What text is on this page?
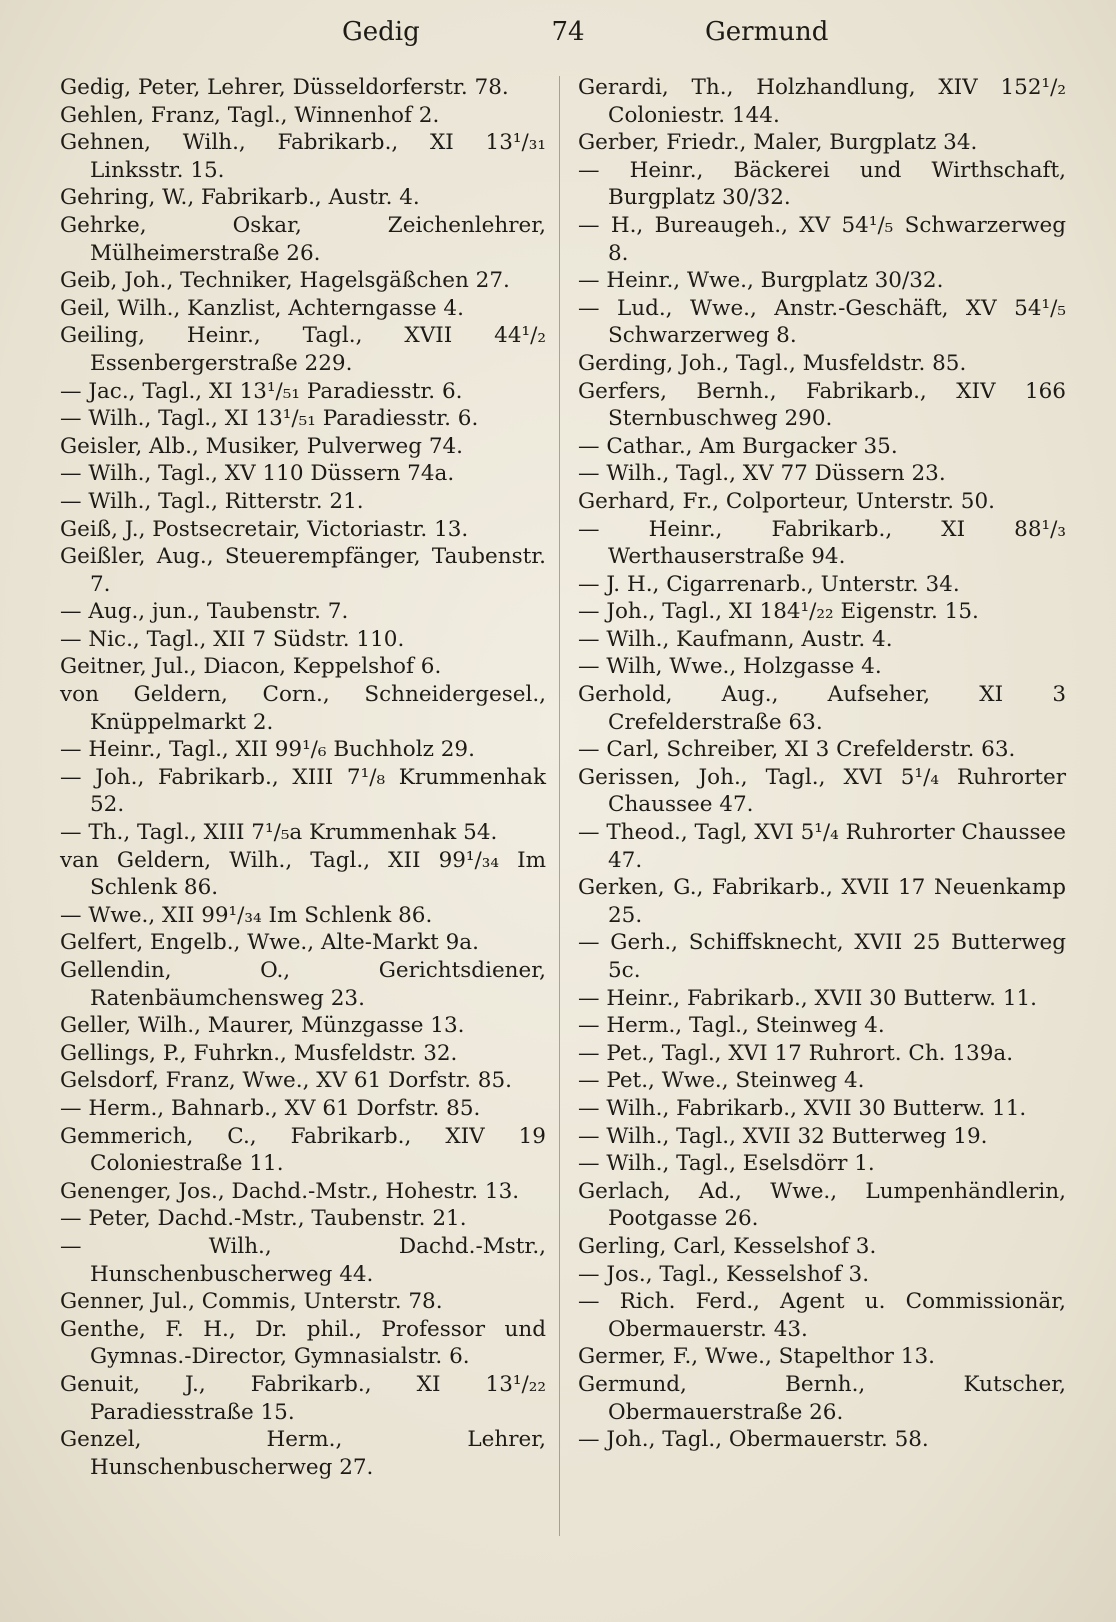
Gedig	74	Germund
Gedig, Peter, Lehrer, Düsseldorferstr. 78.
Gehlen, Franz, Tagl., Winnenhof 2.
Gehnen, Wilh., Fabrikarb., XI 13¹/₃₁ Linksstr. 15.
Gehring, W., Fabrikarb., Austr. 4.
Gehrke, Oskar, Zeichenlehrer, Mülheimerstraße 26.
Geib, Joh., Techniker, Hagelsgäßchen 27.
Geil, Wilh., Kanzlist, Achterngasse 4.
Geiling, Heinr., Tagl., XVII 44¹/₂ Essenbergerstraße 229.
— Jac., Tagl., XI 13¹/₅₁ Paradiesstr. 6.
— Wilh., Tagl., XI 13¹/₅₁ Paradiesstr. 6.
Geisler, Alb., Musiker, Pulverweg 74.
— Wilh., Tagl., XV 110 Düssern 74a.
— Wilh., Tagl., Ritterstr. 21.
Geiß, J., Postsecretair, Victoriastr. 13.
Geißler, Aug., Steuerempfänger, Taubenstr. 7.
— Aug., jun., Taubenstr. 7.
— Nic., Tagl., XII 7 Südstr. 110.
Geitner, Jul., Diacon, Keppelshof 6.
von Geldern, Corn., Schneidergesel., Knüppelmarkt 2.
— Heinr., Tagl., XII 99¹/₆ Buchholz 29.
— Joh., Fabrikarb., XIII 7¹/₈ Krummenhak 52.
— Th., Tagl., XIII 7¹/₅a Krummenhak 54.
van Geldern, Wilh., Tagl., XII 99¹/₃₄ Im Schlenk 86.
— Wwe., XII 99¹/₃₄ Im Schlenk 86.
Gelfert, Engelb., Wwe., Alte-Markt 9a.
Gellendin, O., Gerichtsdiener, Ratenbäumchensweg 23.
Geller, Wilh., Maurer, Münzgasse 13.
Gellings, P., Fuhrkn., Musfeldstr. 32.
Gelsdorf, Franz, Wwe., XV 61 Dorfstr. 85.
— Herm., Bahnarb., XV 61 Dorfstr. 85.
Gemmerich, C., Fabrikarb., XIV 19 Coloniestraße 11.
Genenger, Jos., Dachd.-Mstr., Hohestr. 13.
— Peter, Dachd.-Mstr., Taubenstr. 21.
— Wilh., Dachd.-Mstr., Hunschenbuscherweg 44.
Genner, Jul., Commis, Unterstr. 78.
Genthe, F. H., Dr. phil., Professor und Gymnas.-Director, Gymnasialstr. 6.
Genuit, J., Fabrikarb., XI 13¹/₂₂ Paradiesstraße 15.
Genzel, Herm., Lehrer, Hunschenbuscherweg 27.
Gerardi, Th., Holzhandlung, XIV 152¹/₂ Coloniestr. 144.
Gerber, Friedr., Maler, Burgplatz 34.
— Heinr., Bäckerei und Wirthschaft, Burgplatz 30/32.
— H., Bureaugeh., XV 54¹/₅ Schwarzerweg 8.
— Heinr., Wwe., Burgplatz 30/32.
— Lud., Wwe., Anstr.-Geschäft, XV 54¹/₅ Schwarzerweg 8.
Gerding, Joh., Tagl., Musfeldstr. 85.
Gerfers, Bernh., Fabrikarb., XIV 166 Sternbuschweg 290.
— Cathar., Am Burgacker 35.
— Wilh., Tagl., XV 77 Düssern 23.
Gerhard, Fr., Colporteur, Unterstr. 50.
— Heinr., Fabrikarb., XI 88¹/₃ Werthauserstraße 94.
— J. H., Cigarrenarb., Unterstr. 34.
— Joh., Tagl., XI 184¹/₂₂ Eigenstr. 15.
— Wilh., Kaufmann, Austr. 4.
— Wilh, Wwe., Holzgasse 4.
Gerhold, Aug., Aufseher, XI 3 Crefelderstraße 63.
— Carl, Schreiber, XI 3 Crefelderstr. 63.
Gerissen, Joh., Tagl., XVI 5¹/₄ Ruhrorter Chaussee 47.
— Theod., Tagl, XVI 5¹/₄ Ruhrorter Chaussee 47.
Gerken, G., Fabrikarb., XVII 17 Neuenkamp 25.
— Gerh., Schiffsknecht, XVII 25 Butterweg 5c.
— Heinr., Fabrikarb., XVII 30 Butterw. 11.
— Herm., Tagl., Steinweg 4.
— Pet., Tagl., XVI 17 Ruhrort. Ch. 139a.
— Pet., Wwe., Steinweg 4.
— Wilh., Fabrikarb., XVII 30 Butterw. 11.
— Wilh., Tagl., XVII 32 Butterweg 19.
— Wilh., Tagl., Eselsdörr 1.
Gerlach, Ad., Wwe., Lumpenhändlerin, Pootgasse 26.
Gerling, Carl, Kesselshof 3.
— Jos., Tagl., Kesselshof 3.
— Rich. Ferd., Agent u. Commissionär, Obermauerstr. 43.
Germer, F., Wwe., Stapelthor 13.
Germund, Bernh., Kutscher, Obermauerstraße 26.
— Joh., Tagl., Obermauerstr. 58.
